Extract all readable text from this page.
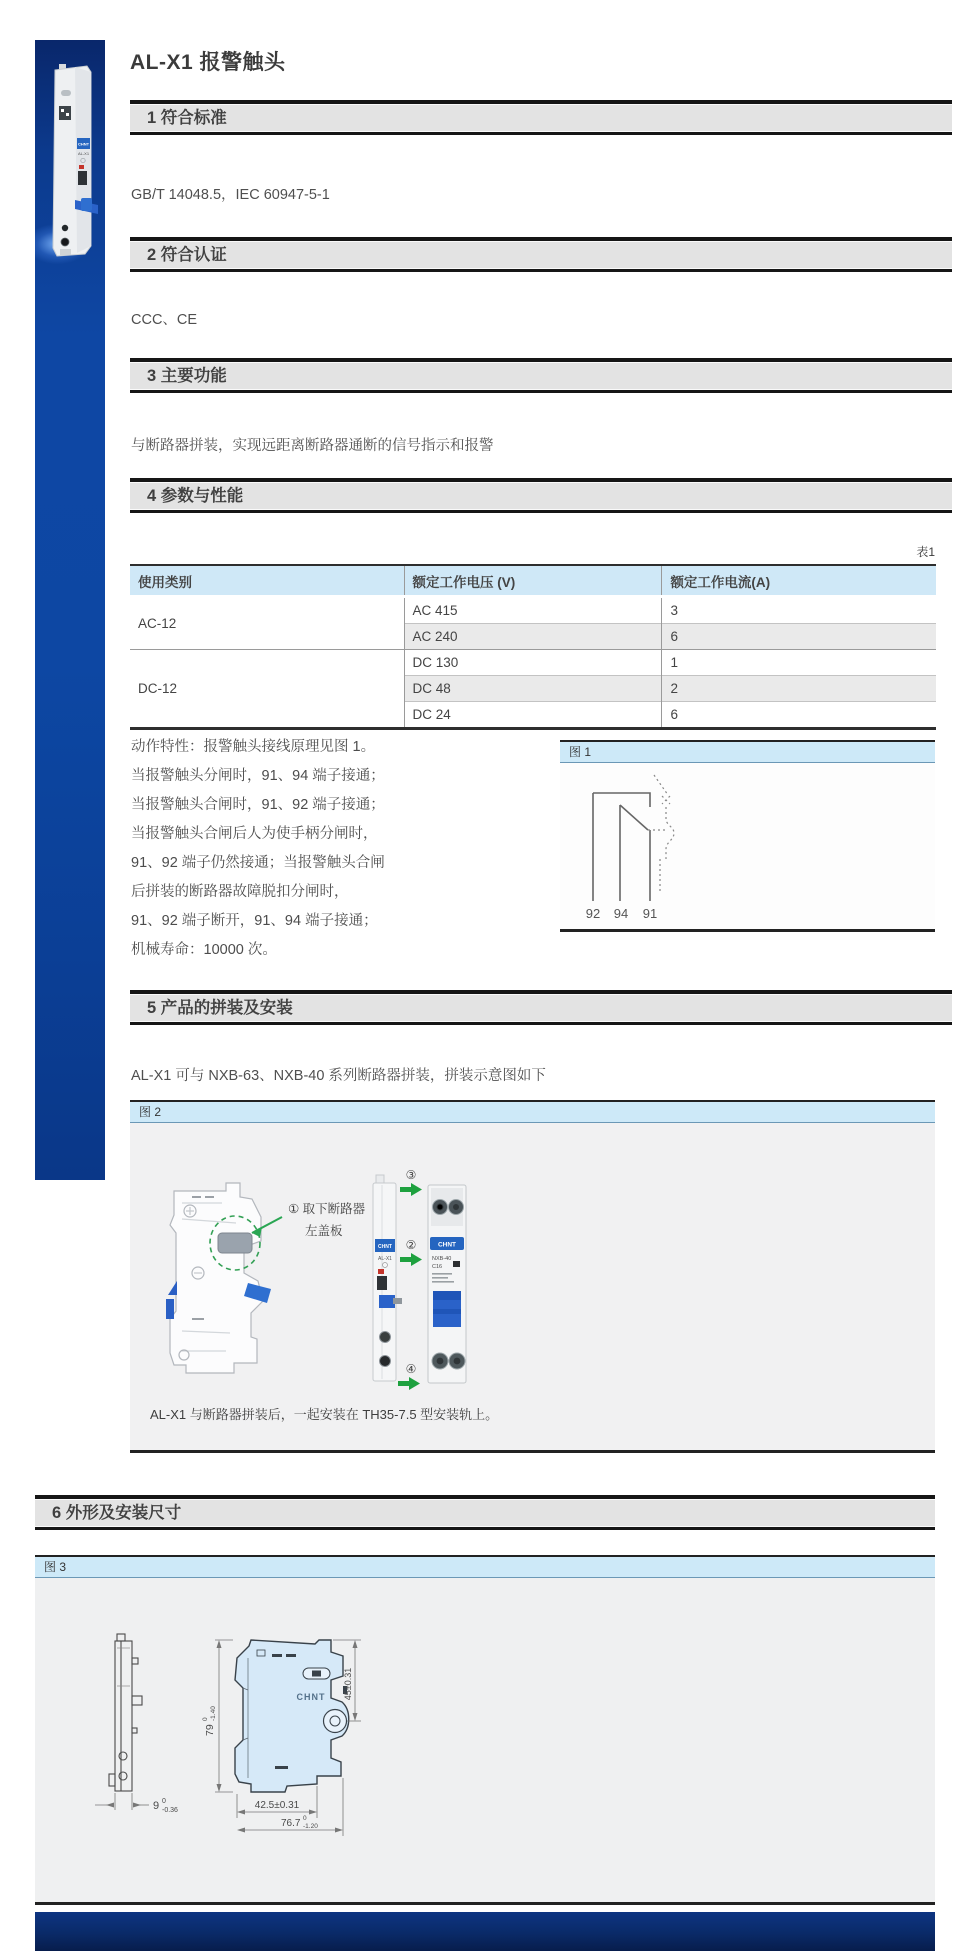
CHNT
AL-X1
AL-X1 报警触头
1 符合标准
GB/T 14048.5，IEC 60947-5-1
2 符合认证
CCC、CE
3 主要功能
与断路器拼装，实现远距离断路器通断的信号指示和报警
4 参数与性能
表1
使用类别	额定工作电压 (V)	额定工作电流(A)
AC-12	AC 415	3
	AC 240	6
DC-12	DC 130	1
	DC 48	2
	DC 24	6
动作特性：报警触头接线原理见图 1。
当报警触头分闸时，91、94 端子接通；
当报警触头合闸时，91、92 端子接通；
当报警触头合闸后人为使手柄分闸时，
91、92 端子仍然接通；当报警触头合闸
后拼装的断路器故障脱扣分闸时，
91、92 端子断开，91、94 端子接通；
机械寿命：10000 次。
图 1
92 94 91
5 产品的拼装及安装
AL-X1 可与 NXB-63、NXB-40 系列断路器拼装，拼装示意图如下
图 2
① 取下断路器
左盖板
CHNT
AL-X1
③
②
④
CHNT
NXB-40
C16
AL-X1 与断路器拼装后，一起安装在 TH35-7.5 型安装轨上。
6 外形及安装尺寸
图 3
9 0
-0.36
CHNT
79
0 -1.40
45±0.31
42.5±0.31
76.7 0
-1.20
